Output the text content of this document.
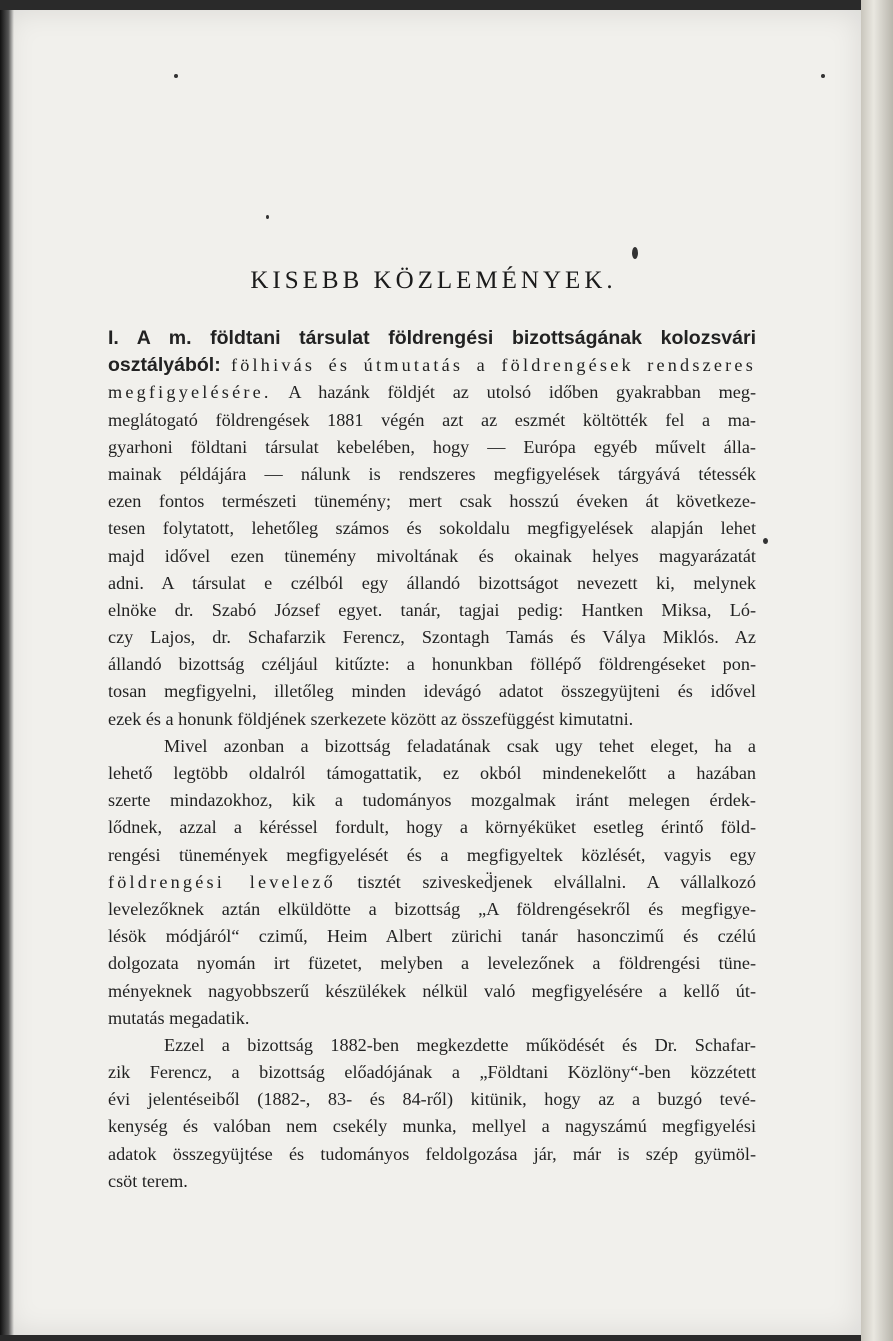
KISEBB KÖZLEMÉNYEK.
I. A m. földtani társulat földrengési bizottságának kolozsvári
osztályából: fölhivás és útmutatás a földrengések rendszeres
megfigyelésére. A hazánk földjét az utolsó időben gyakrabban meg-
meglátogató földrengések 1881 végén azt az eszmét költötték fel a ma-
gyarhoni földtani társulat kebelében, hogy — Európa egyéb művelt álla-
mainak példájára — nálunk is rendszeres megfigyelések tárgyává tétessék
ezen fontos természeti tünemény; mert csak hosszú éveken át következe-
tesen folytatott, lehetőleg számos és sokoldalu megfigyelések alapján lehet
majd idővel ezen tünemény mivoltának és okainak helyes magyarázatát
adni. A társulat e czélból egy állandó bizottságot nevezett ki, melynek
elnöke dr. Szabó József egyet. tanár, tagjai pedig: Hantken Miksa, Ló-
czy Lajos, dr. Schafarzik Ferencz, Szontagh Tamás és Vályа Miklós. Az
állandó bizottság czéljául kitűzte: a honunkban föllépő földrengéseket pon-
tosan megfigyelni, illetőleg minden idevágó adatot összegyüjteni és idővel
ezek és a honunk földjének szerkezete között az összefüggést kimutatni.
Mivel azonban a bizottság feladatának csak ugy tehet eleget, ha a
lehető legtöbb oldalról támogattatik, ez okból mindenekelőtt a hazában
szerte mindazokhoz, kik a tudományos mozgalmak iránt melegen érdek-
lődnek, azzal a kéréssel fordult, hogy a környéküket esetleg érintő föld-
rengési tünemények megfigyelését és a megfigyeltek közlését, vagyis egy
földrengési levelező tisztét szivesked̈jenek elvállalni. A vállalkozó
levelezőknek aztán elküldötte a bizottság „A földrengésekről és megfigye-
lésök módjáról“ czimű, Heim Albert zürichi tanár hasonczimű és czélú
dolgozata nyomán irt füzetet, melyben a levelezőnek a földrengési tüne-
ményeknek nagyobbszerű készülékek nélkül való megfigyelésére a kellő út-
mutatás megadatik.
Ezzel a bizottság 1882-ben megkezdette működését és Dr. Schafar-
zik Ferencz, a bizottság előadójának a „Földtani Közlöny“-ben közzétett
évi jelentéseiből (1882-, 83- és 84-ről) kitünik, hogy az a buzgó tevé-
kenység és valóban nem csekély munka, mellyel a nagyszámú megfigyelési
adatok összegyüjtése és tudományos feldolgozása jár, már is szép gyümöl-
csöt terem.
